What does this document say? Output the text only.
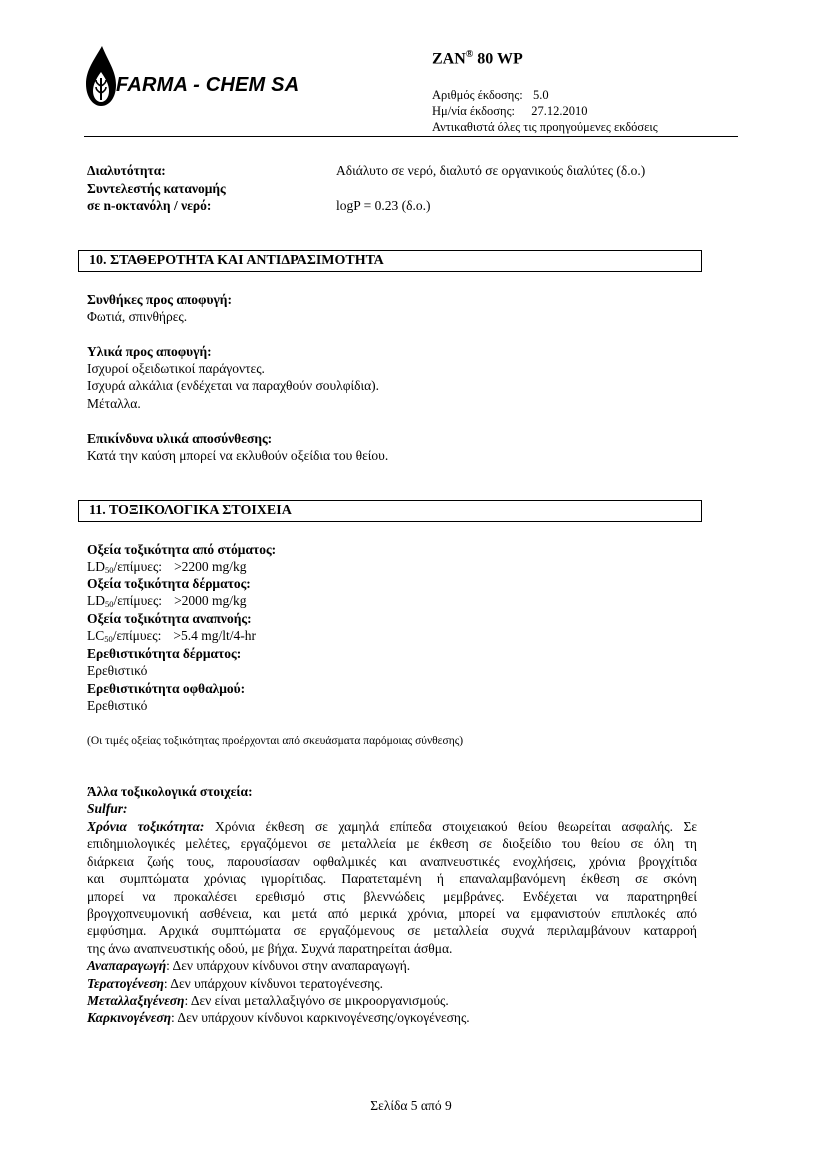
FARMA - CHEM SA
ZAN® 80 WP
Αριθμός έκδοσης: 5.0
Ημ/νία έκδοσης: 27.12.2010
Αντικαθιστά όλες τις προηγούμενες εκδόσεις
Διαλυτότητα:	Αδιάλυτο σε νερό, διαλυτό σε οργανικούς διαλύτες (δ.ο.)
Συντελεστής κατανομής
σε n-οκτανόλη / νερό:	logP = 0.23 (δ.ο.)
10. ΣΤΑΘΕΡΟΤΗΤΑ ΚΑΙ ΑΝΤΙΔΡΑΣΙΜΟΤΗΤΑ
Συνθήκες προς αποφυγή:
Φωτιά, σπινθήρες.
Υλικά προς αποφυγή:
Ισχυροί οξειδωτικοί παράγοντες.
Ισχυρά αλκάλια (ενδέχεται να παραχθούν σουλφίδια).
Μέταλλα.
Επικίνδυνα υλικά αποσύνθεσης:
Κατά την καύση μπορεί να εκλυθούν οξείδια του θείου.
11. ΤΟΞΙΚΟΛΟΓΙΚΑ ΣΤΟΙΧΕΙΑ
Οξεία τοξικότητα από στόματος:
$LD_{50}$/επίμυες: >2200 mg/kg
Οξεία τοξικότητα δέρματος:
$LD_{50}$/επίμυες: >2000 mg/kg
Οξεία τοξικότητα αναπνοής:
$LC_{50}$/επίμυες: >5.4 mg/lt/4-hr
Ερεθιστικότητα δέρματος:
Ερεθιστικό
Ερεθιστικότητα οφθαλμού:
Ερεθιστικό
(Οι τιμές οξείας τοξικότητας προέρχονται από σκευάσματα παρόμοιας σύνθεσης)
Άλλα τοξικολογικά στοιχεία:
Sulfur:
Χρόνια τοξικότητα: Χρόνια έκθεση σε χαμηλά επίπεδα στοιχειακού θείου θεωρείται ασφαλής. Σε
επιδημιολογικές μελέτες, εργαζόμενοι σε μεταλλεία με έκθεση σε διοξείδιο του θείου σε όλη τη
διάρκεια ζωής τους, παρουσίασαν οφθαλμικές και αναπνευστικές ενοχλήσεις, χρόνια βρογχίτιδα
και συμπτώματα χρόνιας ιγμορίτιδας. Παρατεταμένη ή επαναλαμβανόμενη έκθεση σε σκόνη
μπορεί να προκαλέσει ερεθισμό στις βλεννώδεις μεμβράνες. Ενδέχεται να παρατηρηθεί
βρογχοπνευμονική ασθένεια, και μετά από μερικά χρόνια, μπορεί να εμφανιστούν επιπλοκές από
εμφύσημα. Αρχικά συμπτώματα σε εργαζόμενους σε μεταλλεία συχνά περιλαμβάνουν καταρροή
της άνω αναπνευστικής οδού, με βήχα. Συχνά παρατηρείται άσθμα.
Αναπαραγωγή: Δεν υπάρχουν κίνδυνοι στην αναπαραγωγή.
Τερατογένεση: Δεν υπάρχουν κίνδυνοι τερατογένεσης.
Μεταλλαξιγένεση: Δεν είναι μεταλλαξιγόνο σε μικροοργανισμούς.
Καρκινογένεση: Δεν υπάρχουν κίνδυνοι καρκινογένεσης/ογκογένεσης.
Σελίδα 5 από 9
